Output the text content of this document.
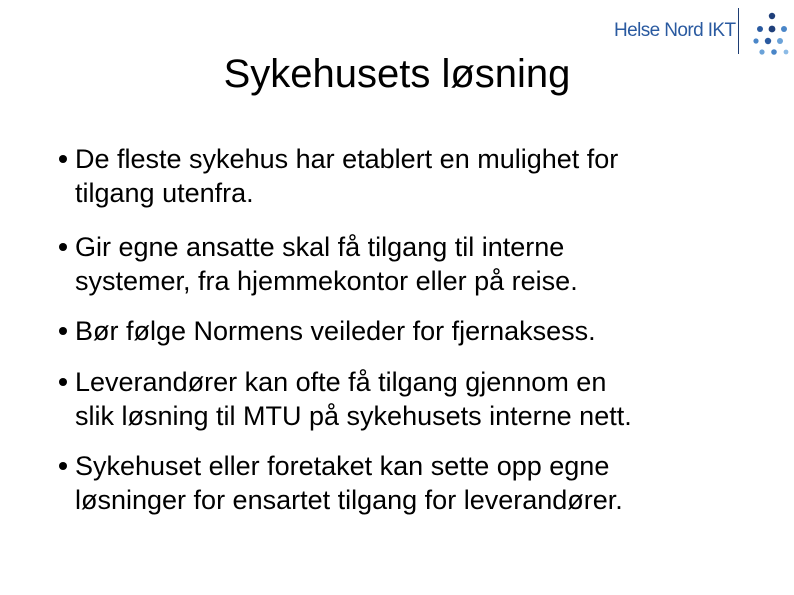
Helse Nord IKT
Sykehusets løsning
De fleste sykehus har etablert en mulighet for
tilgang utenfra.
Gir egne ansatte skal få tilgang til interne
systemer, fra hjemmekontor eller på reise.
Bør følge Normens veileder for fjernaksess.
Leverandører kan ofte få tilgang gjennom en
slik løsning til MTU på sykehusets interne nett.
Sykehuset eller foretaket kan sette opp egne
løsninger for ensartet tilgang for leverandører.
